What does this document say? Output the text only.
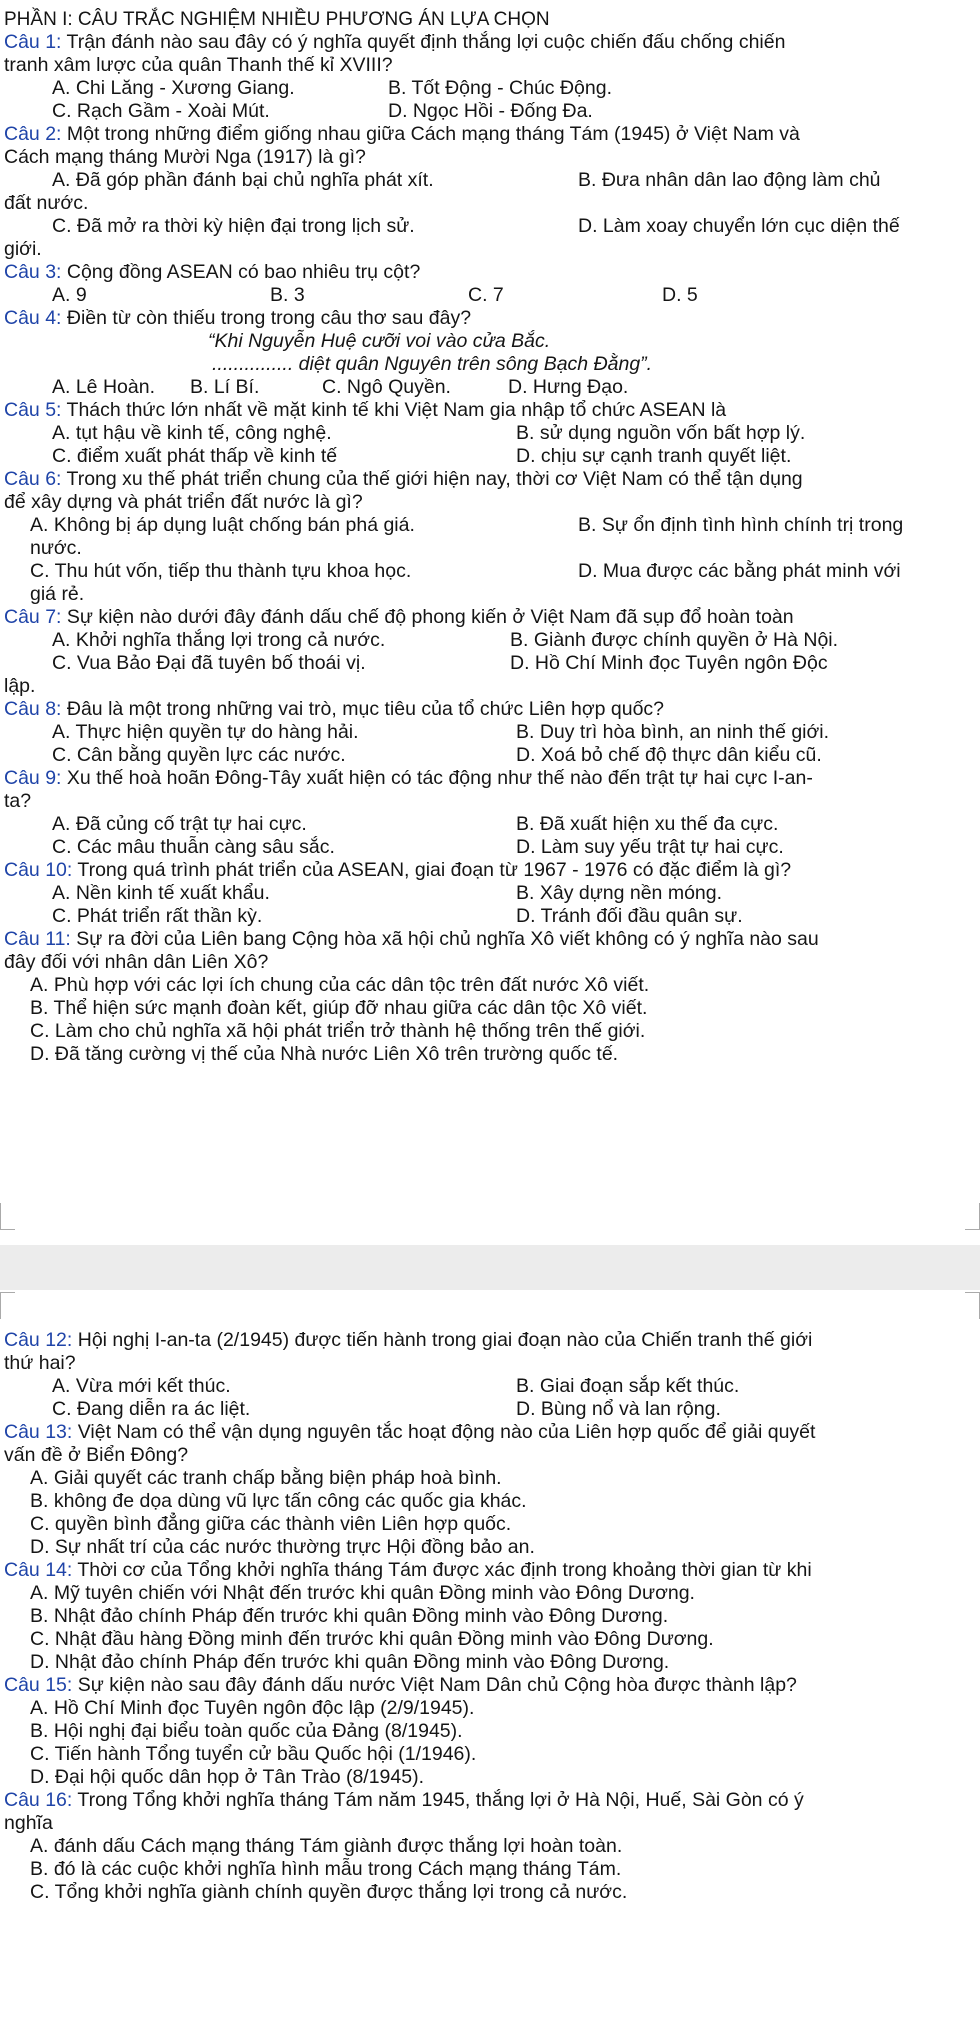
PHẦN I: CÂU TRẮC NGHIỆM NHIỀU PHƯƠNG ÁN LỰA CHỌN
Câu 1: Trận đánh nào sau đây có ý nghĩa quyết định thắng lợi cuộc chiến đấu chống chiến
tranh xâm lược của quân Thanh thế kỉ XVIII?
A. Chi Lăng - Xương Giang.	B. Tốt Động - Chúc Động.
C. Rạch Gầm - Xoài Mút.	D. Ngọc Hồi - Đống Đa.
Câu 2: Một trong những điểm giống nhau giữa Cách mạng tháng Tám (1945) ở Việt Nam và
Cách mạng tháng Mười Nga (1917) là gì?
A. Đã góp phần đánh bại chủ nghĩa phát xít.	B. Đưa nhân dân lao động làm chủ
đất nước.
C. Đã mở ra thời kỳ hiện đại trong lịch sử.	D. Làm xoay chuyển lớn cục diện thế
giới.
Câu 3: Cộng đồng ASEAN có bao nhiêu trụ cột?
A. 9	B. 3	C. 7	D. 5
Câu 4: Điền từ còn thiếu trong trong câu thơ sau đây?
“Khi Nguyễn Huệ cưỡi voi vào cửa Bắc.
............... diệt quân Nguyên trên sông Bạch Đằng”.
A. Lê Hoàn. B. Lí Bí.	C. Ngô Quyền.	D. Hưng Đạo.
Câu 5: Thách thức lớn nhất về mặt kinh tế khi Việt Nam gia nhập tổ chức ASEAN là
A. tụt hậu về kinh tế, công nghệ.	B. sử dụng nguồn vốn bất hợp lý.
C. điểm xuất phát thấp về kinh tế	D. chịu sự cạnh tranh quyết liệt.
Câu 6: Trong xu thế phát triển chung của thế giới hiện nay, thời cơ Việt Nam có thể tận dụng
để xây dựng và phát triển đất nước là gì?
A. Không bị áp dụng luật chống bán phá giá.	B. Sự ổn định tình hình chính trị trong
nước.
C. Thu hút vốn, tiếp thu thành tựu khoa học.	D. Mua được các bằng phát minh với
giá rẻ.
Câu 7: Sự kiện nào dưới đây đánh dấu chế độ phong kiến ở Việt Nam đã sụp đổ hoàn toàn
A. Khởi nghĩa thắng lợi trong cả nước.	B. Giành được chính quyền ở Hà Nội.
C. Vua Bảo Đại đã tuyên bố thoái vị.	D. Hồ Chí Minh đọc Tuyên ngôn Độc
lập.
Câu 8: Đâu là một trong những vai trò, mục tiêu của tổ chức Liên hợp quốc?
A. Thực hiện quyền tự do hàng hải.	B. Duy trì hòa bình, an ninh thế giới.
C. Cân bằng quyền lực các nước.	D. Xoá bỏ chế độ thực dân kiểu cũ.
Câu 9: Xu thế hoà hoãn Đông-Tây xuất hiện có tác động như thế nào đến trật tự hai cực I-an-
ta?
A. Đã củng cố trật tự hai cực.	B. Đã xuất hiện xu thế đa cực.
C. Các mâu thuẫn càng sâu sắc.	D. Làm suy yếu trật tự hai cực.
Câu 10: Trong quá trình phát triển của ASEAN, giai đoạn từ 1967 - 1976 có đặc điểm là gì?
A. Nền kinh tế xuất khẩu.	B. Xây dựng nền móng.
C. Phát triển rất thần kỳ.	D. Tránh đối đầu quân sự.
Câu 11: Sự ra đời của Liên bang Cộng hòa xã hội chủ nghĩa Xô viết không có ý nghĩa nào sau
đây đối với nhân dân Liên Xô?
A. Phù hợp với các lợi ích chung của các dân tộc trên đất nước Xô viết.
B. Thể hiện sức mạnh đoàn kết, giúp đỡ nhau giữa các dân tộc Xô viết.
C. Làm cho chủ nghĩa xã hội phát triển trở thành hệ thống trên thế giới.
D. Đã tăng cường vị thế của Nhà nước Liên Xô trên trường quốc tế.
Câu 12: Hội nghị I-an-ta (2/1945) được tiến hành trong giai đoạn nào của Chiến tranh thế giới
thứ hai?
A. Vừa mới kết thúc.	B. Giai đoạn sắp kết thúc.
C. Đang diễn ra ác liệt.	D. Bùng nổ và lan rộng.
Câu 13: Việt Nam có thể vận dụng nguyên tắc hoạt động nào của Liên hợp quốc để giải quyết
vấn đề ở Biển Đông?
A. Giải quyết các tranh chấp bằng biện pháp hoà bình.
B. không đe dọa dùng vũ lực tấn công các quốc gia khác.
C. quyền bình đẳng giữa các thành viên Liên hợp quốc.
D. Sự nhất trí của các nước thường trực Hội đồng bảo an.
Câu 14: Thời cơ của Tổng khởi nghĩa tháng Tám được xác định trong khoảng thời gian từ khi
A. Mỹ tuyên chiến với Nhật đến trước khi quân Đồng minh vào Đông Dương.
B. Nhật đảo chính Pháp đến trước khi quân Đồng minh vào Đông Dương.
C. Nhật đầu hàng Đồng minh đến trước khi quân Đồng minh vào Đông Dương.
D. Nhật đảo chính Pháp đến trước khi quân Đồng minh vào Đông Dương.
Câu 15: Sự kiện nào sau đây đánh dấu nước Việt Nam Dân chủ Cộng hòa được thành lập?
A. Hồ Chí Minh đọc Tuyên ngôn độc lập (2/9/1945).
B. Hội nghị đại biểu toàn quốc của Đảng (8/1945).
C. Tiến hành Tổng tuyển cử bầu Quốc hội (1/1946).
D. Đại hội quốc dân họp ở Tân Trào (8/1945).
Câu 16: Trong Tổng khởi nghĩa tháng Tám năm 1945, thắng lợi ở Hà Nội, Huế, Sài Gòn có ý
nghĩa
A. đánh dấu Cách mạng tháng Tám giành được thắng lợi hoàn toàn.
B. đó là các cuộc khởi nghĩa hình mẫu trong Cách mạng tháng Tám.
C. Tổng khởi nghĩa giành chính quyền được thắng lợi trong cả nước.
